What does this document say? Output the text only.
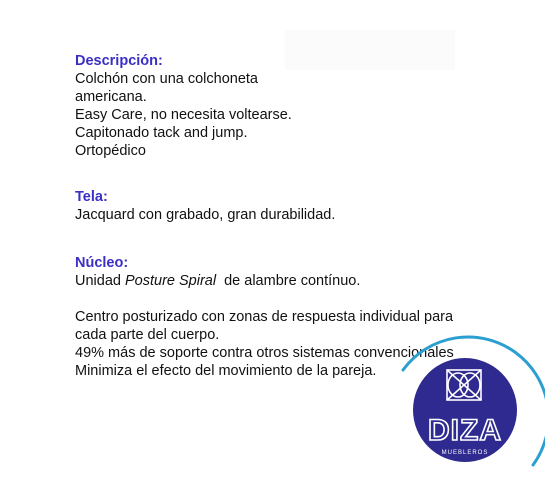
Descripción:
Colchón con una colchoneta
americana.
Easy Care, no necesita voltearse.
Capitonado tack and jump.
Ortopédico
Tela:
Jacquard con grabado, gran durabilidad.
Núcleo:
Unidad Posture Spiral  de alambre contínuo.
Centro posturizado con zonas de respuesta individual para
cada parte del cuerpo.
49% más de soporte contra otros sistemas convencionales
Minimiza el efecto del movimiento de la pareja.
DIZA
MUEBLEROS
